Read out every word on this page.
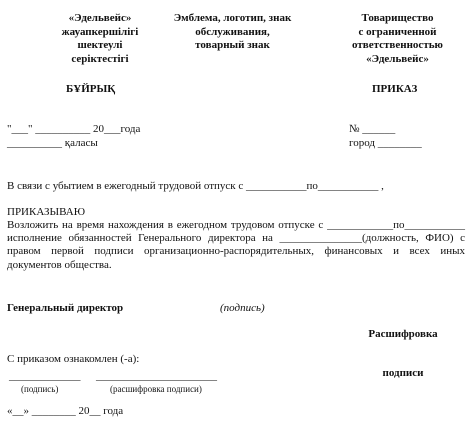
«Эдельвейс»
жауапкершілігі
шектеулі
серіктестігі
Эмблема, логотип, знак
обслуживания,
товарный знак
Товарищество
с ограниченной
ответственностью
«Эдельвейс»
БҰЙРЫҚ	ПРИКАЗ
"___" __________ 20___года
__________ қаласы
№ ______
город ________
В связи с убытием в ежегодный трудовой отпуск с ___________по___________ ,
ПРИКАЗЫВАЮ
Возложить на время нахождения в ежегодном трудовом отпуске с ____________по___________ исполнение обязанностей Генерального директора на _______________(должность, ФИО) с правом первой подписи организационно-распорядительных, финансовых и всех иных документов общества.
Генеральный директор	(подпись)

Расшифровка

подписи

С приказом ознакомлен (-а):
_____________ ______________________
(подпись)	(расшифровка подписи)
«__» ________ 20__ года
